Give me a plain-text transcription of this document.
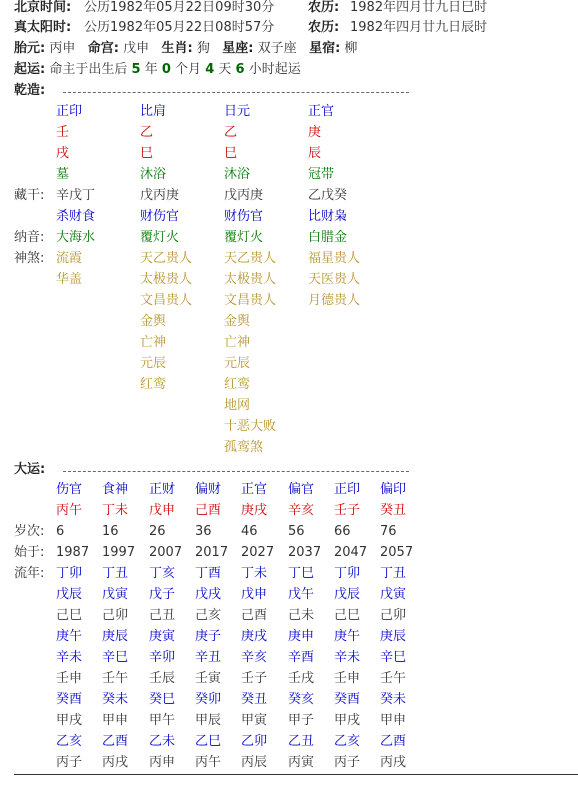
北京时间: 公历1982年05月22日09时30分	农历: 1982年四月廿九日巳时
真太阳时: 公历1982年05月22日08时57分	农历: 1982年四月廿九日辰时
胎元: 丙申 命宫: 戊申 生肖: 狗 星座: 双子座 星宿: 柳
起运: 命主于出生后 5 年 0 个月 4 天 6 小时起运
乾造:
正印
壬
戌
墓
辛戊丁
杀财食
大海水
流霞
华盖
比肩
乙
巳
沐浴
戊丙庚
财伤官
覆灯火
天乙贵人
太极贵人
文昌贵人
金舆
亡神
元辰
红鸾
日元
乙
巳
沐浴
戊丙庚
财伤官
覆灯火
天乙贵人
太极贵人
文昌贵人
金舆
亡神
元辰
红鸾
地网
十恶大败
孤鸾煞
正官
庚
辰
冠带
乙戊癸
比财枭
白腊金
福星贵人
天医贵人
月德贵人
藏干:
纳音:
神煞:
大运:
岁次:
始于:
流年:
伤官
丙午
6
1987
食神
丁未
16
1997
正财
戊申
26
2007
偏财
己酉
36
2017
正官
庚戌
46
2027
偏官
辛亥
56
2037
正印
壬子
66
2047
偏印
癸丑
76
2057
丁卯 丁丑 丁亥 丁酉 丁未 丁巳 丁卯 丁丑
戊辰 戊寅 戊子 戊戌 戊申 戊午 戊辰 戊寅
己巳 己卯 己丑 己亥 己酉 己未 己巳 己卯
庚午 庚辰 庚寅 庚子 庚戌 庚申 庚午 庚辰
辛未 辛巳 辛卯 辛丑 辛亥 辛酉 辛未 辛巳
壬申 壬午 壬辰 壬寅 壬子 壬戌 壬申 壬午
癸酉 癸未 癸巳 癸卯 癸丑 癸亥 癸酉 癸未
甲戌 甲申 甲午 甲辰 甲寅 甲子 甲戌 甲申
乙亥 乙酉 乙未 乙巳 乙卯 乙丑 乙亥 乙酉
丙子 丙戌 丙申 丙午 丙辰 丙寅 丙子 丙戌
